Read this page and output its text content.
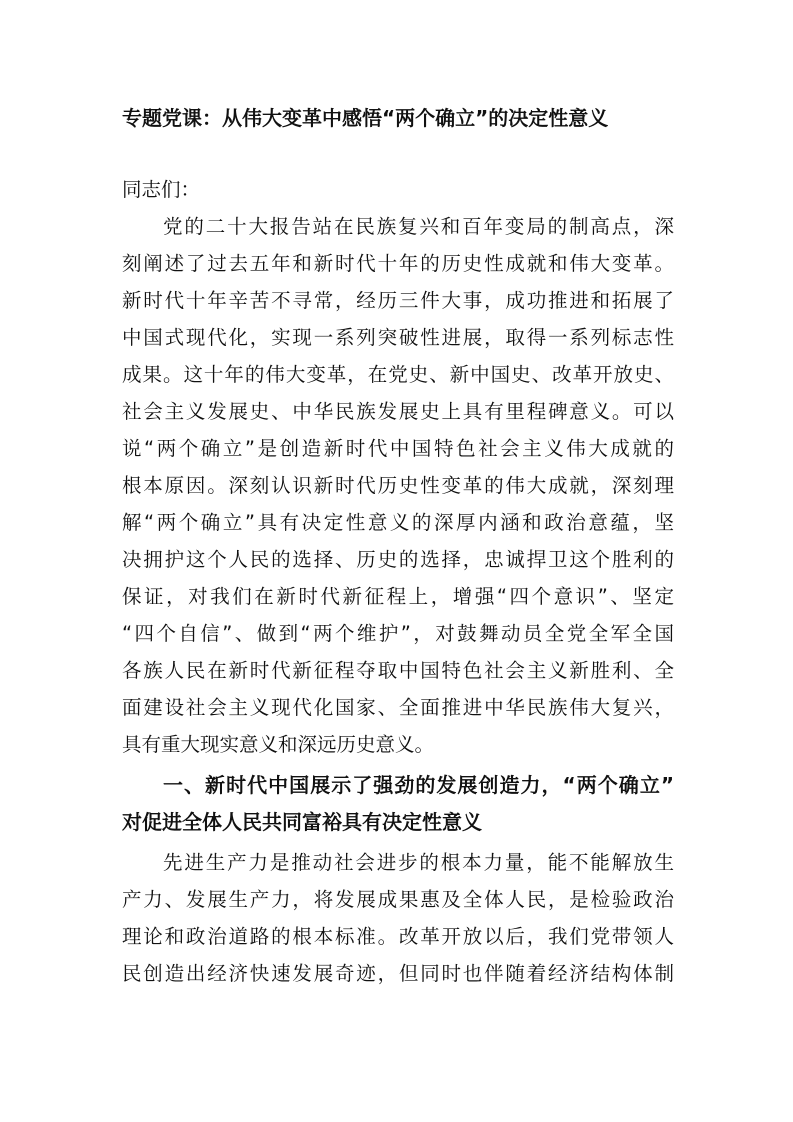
专题党课：从伟大变革中感悟“两个确立”的决定性意义
同志们：
党的二十大报告站在民族复兴和百年变局的制高点，深
刻阐述了过去五年和新时代十年的历史性成就和伟大变革。
新时代十年辛苦不寻常，经历三件大事，成功推进和拓展了
中国式现代化，实现一系列突破性进展，取得一系列标志性
成果。这十年的伟大变革，在党史、新中国史、改革开放史、
社会主义发展史、中华民族发展史上具有里程碑意义。可以
说“两个确立”是创造新时代中国特色社会主义伟大成就的
根本原因。深刻认识新时代历史性变革的伟大成就，深刻理
解“两个确立”具有决定性意义的深厚内涵和政治意蕴，坚
决拥护这个人民的选择、历史的选择，忠诚捍卫这个胜利的
保证，对我们在新时代新征程上，增强“四个意识”、坚定
“四个自信”、做到“两个维护”，对鼓舞动员全党全军全国
各族人民在新时代新征程夺取中国特色社会主义新胜利、全
面建设社会主义现代化国家、全面推进中华民族伟大复兴，
具有重大现实意义和深远历史意义。
一、新时代中国展示了强劲的发展创造力，“两个确立”
对促进全体人民共同富裕具有决定性意义
先进生产力是推动社会进步的根本力量，能不能解放生
产力、发展生产力，将发展成果惠及全体人民，是检验政治
理论和政治道路的根本标准。改革开放以后，我们党带领人
民创造出经济快速发展奇迹，但同时也伴随着经济结构体制
